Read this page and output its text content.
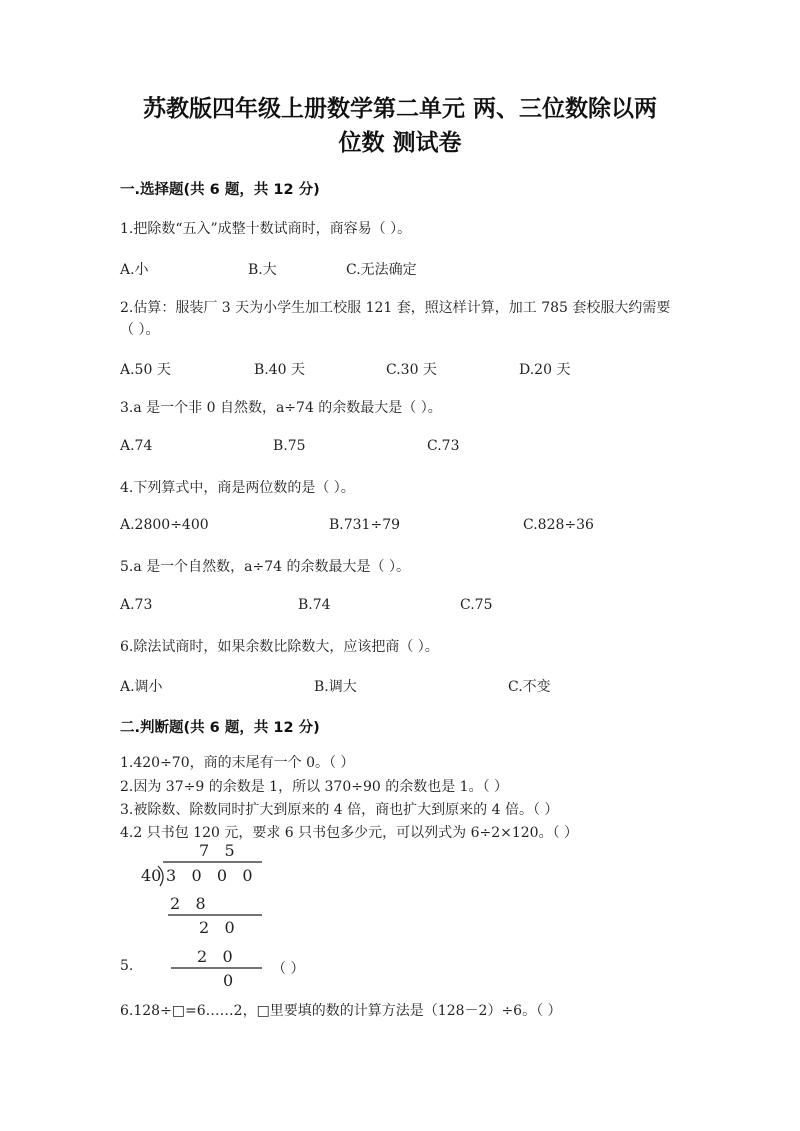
苏教版四年级上册数学第二单元 两、三位数除以两
位数 测试卷
一.选择题(共 6 题，共 12 分)
1.把除数“五入”成整十数试商时，商容易（ ）。
A.小	B.大	C.无法确定
2.估算：服装厂 3 天为小学生加工校服 121 套，照这样计算，加工 785 套校服大约需要（ ）。
A.50 天	B.40 天	C.30 天	D.20 天
3.a 是一个非 0 自然数，a÷74 的余数最大是（ ）。
A.74	B.75	C.73
4.下列算式中，商是两位数的是（ ）。
A.2800÷400	B.731÷79	C.828÷36
5.a 是一个自然数，a÷74 的余数最大是（ ）。
A.73	B.74	C.75
6.除法试商时，如果余数比除数大，应该把商（ ）。
A.调小	B.调大	C.不变
二.判断题(共 6 题，共 12 分)
1.420÷70，商的末尾有一个 0。（ ）
2.因为 37÷9 的余数是 1，所以 370÷90 的余数也是 1。（ ）
3.被除数、除数同时扩大到原来的 4 倍，商也扩大到原来的 4 倍。（ ）
4.2 只书包 120 元，要求 6 只书包多少元，可以列式为 6÷2×120。（ ）
5.	（ ）
7   5
40 3   0   0   0
2   8
2   0
2   0
0
6.128÷□=6……2，□里要填的数的计算方法是（128－2）÷6。（ ）
